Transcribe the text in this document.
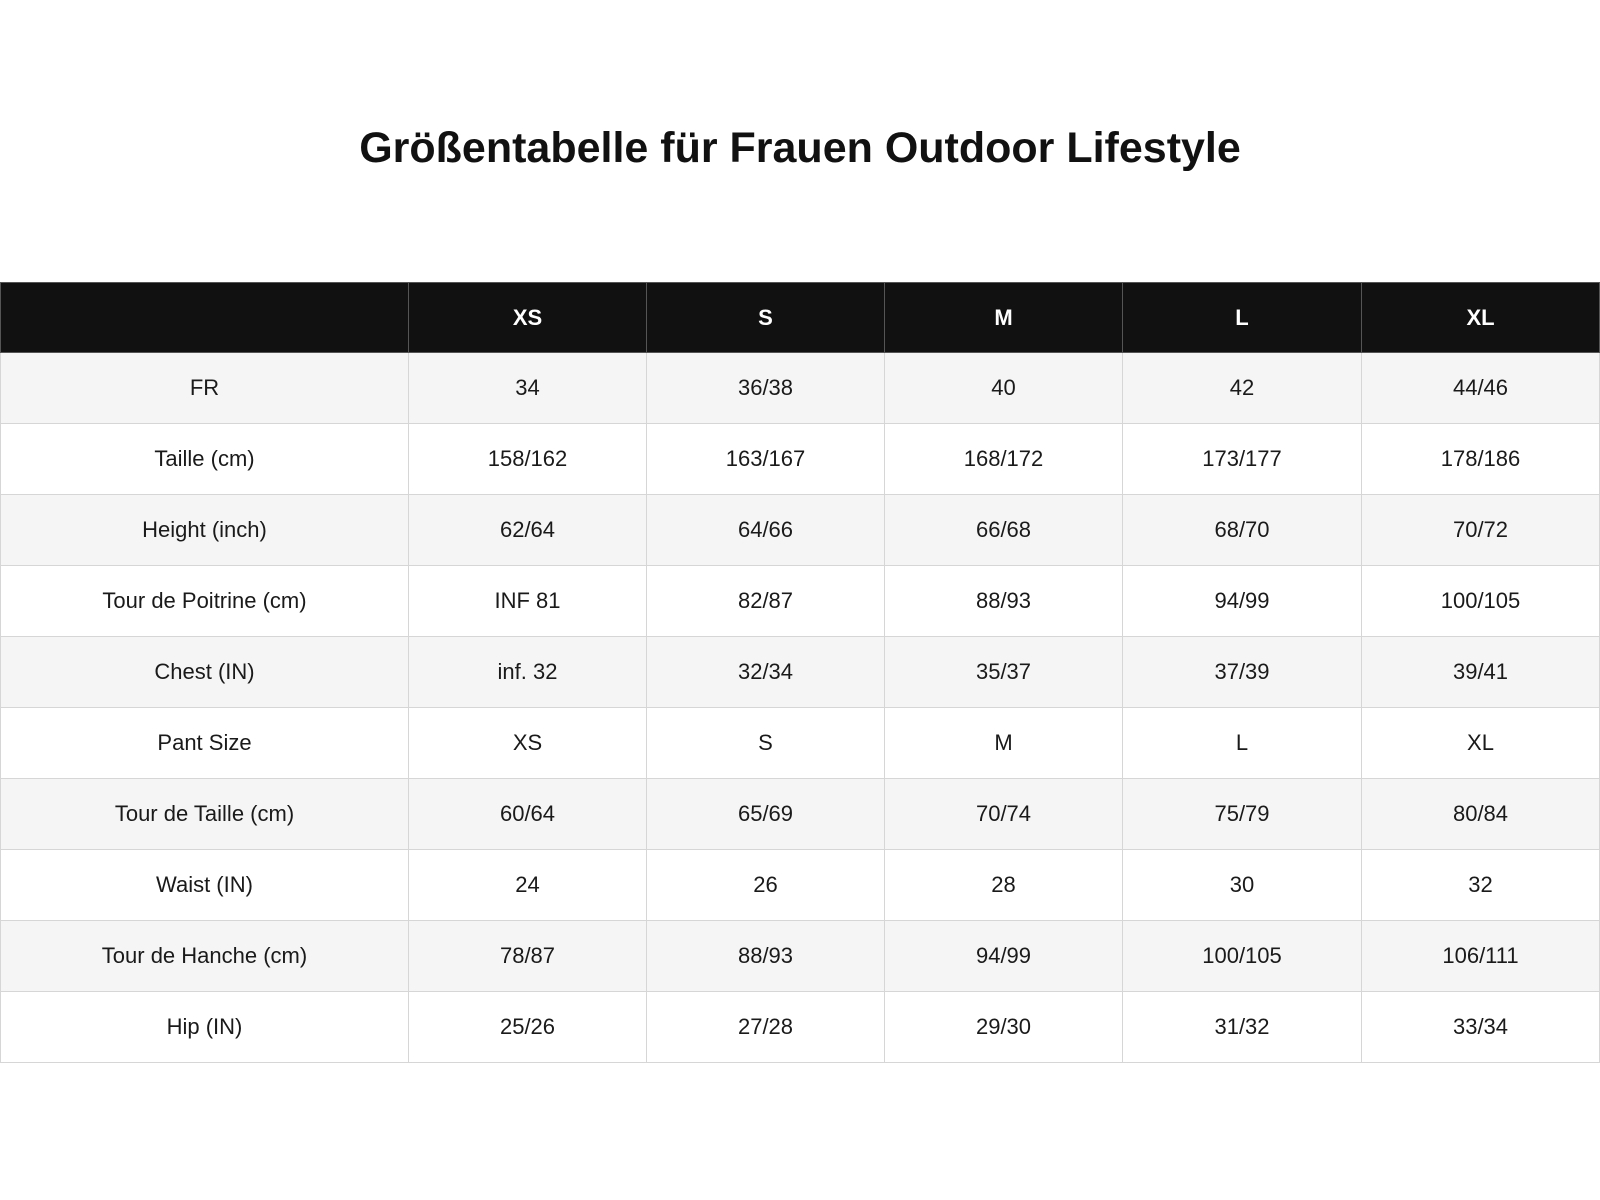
Größentabelle für Frauen Outdoor Lifestyle
	XS	S	M	L	XL
FR	34	36/38	40	42	44/46
Taille (cm)	158/162	163/167	168/172	173/177	178/186
Height (inch)	62/64	64/66	66/68	68/70	70/72
Tour de Poitrine (cm)	INF 81	82/87	88/93	94/99	100/105
Chest (IN)	inf. 32	32/34	35/37	37/39	39/41
Pant Size	XS	S	M	L	XL
Tour de Taille (cm)	60/64	65/69	70/74	75/79	80/84
Waist (IN)	24	26	28	30	32
Tour de Hanche (cm)	78/87	88/93	94/99	100/105	106/111
Hip (IN)	25/26	27/28	29/30	31/32	33/34
